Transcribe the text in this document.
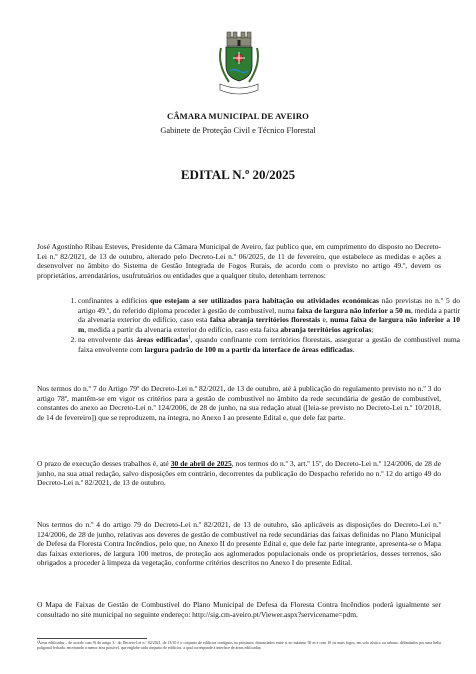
CÂMARA MUNICIPAL DE AVEIRO
Gabinete de Proteção Civil e Técnico Florestal
EDITAL N.º 20/2025

José Agostinho Ribau Esteves, Presidente da Câmara Municipal de Aveiro, faz publico que, em cumprimento do disposto no Decreto-Lei n.º 82/2021, de 13 de outubro, alterado pelo Decreto-Lei n.º 06/2025, de 11 de fevereiro, que estabelece as medidas e ações a desenvolver no âmbito do Sistema de Gestão Integrada de Fogos Rurais, de acordo com o previsto no artigo 49.º, devem os proprietários, arrendatários, usufrutuários ou entidades que a qualquer título, detenham terrenos:

1. confinantes a edifícios que estejam a ser utilizados para habitação ou atividades económicas não previstas no n.º 5 do artigo 49.º, do referido diploma proceder à gestão de combustível, numa faixa de largura não inferior a 50 m, medida a partir da alvenaria exterior do edifício, caso esta faixa abranja territórios florestais e, numa faixa de largura não inferior a 10 m, medida a partir da alvenaria exterior do edifício, caso esta faixa abranja territórios agrícolas;
2. na envolvente das áreas edificadas$^1$, quando confinante com territórios florestais, assegurar a gestão de combustível numa faixa envolvente com largura padrão de 100 m a partir da interface de áreas edificadas.

Nos termos do n.º 7 do Artigo 79º do Decreto-Lei n.º 82/2021, de 13 de outubro, até à publicação do regulamento previsto no n.º 3 do artigo 78º, mantêm-se em vigor os critérios para a gestão de combustível no âmbito da rede secundária de gestão de combustível, constantes do anexo ao Decreto-Lei n.º 124/2006, de 28 de junho, na sua redação atual ([leia-se previsto no Decreto-Lei n.º 10/2018, de 14 de fevereiro]) que se reproduzem, na íntegra, no Anexo I ao presente Edital e, que dele faz parte.

O prazo de execução desses trabalhos é, até 30 de abril de 2025, nos termos do n.º 3, art.º 15º, do Decreto-Lei n.º 124/2006, de 28 de junho, na sua atual redação, salvo disposições em contrário, decorrentes da publicação do Despacho referido no n.º 12 do artigo 49 do Decreto-Lei n.º 82/2021, de 13 de outubro.

Nos termos do n.º 4 do artigo 79 do Decreto-Lei n.º 82/2021, de 13 de outubro, são aplicáveis as disposições do Decreto-Lei n.º 124/2006, de 28 de junho, relativas aos deveres de gestão de combustível na rede secundárias das faixas definidas no Plano Municipal de Defesa da Floresta Contra Incêndios, pelo que, no Anexo II do presente Edital e, que dele faz parte integrante, apresenta-se o Mapa das faixas exteriores, de largura 100 metros, de proteção aos aglomerados populacionais onde os proprietários, desses terrenos, são obrigados a proceder à limpeza da vegetação, conforme critérios descritos no Anexo I do presente Edital.

O Mapa de Faixas de Gestão de Combustível do Plano Municipal de Defesa da Floresta Contra Incêndios poderá igualmente ser consultado no site municipal no seguinte endereço: http://sig.cm-aveiro.pt/Viewer.aspx?servicename=pdm.

¹Áreas edificadas – de acordo com 9) do artigo 3.º do Decreto-Lei n.º 82/2021, de 13/10 é o conjunto de edifícios contíguos ou próximos, distanciados entre si no máximo 50 m e com 10 ou mais fogos, em solo rústico ou urbano, delimitados por uma linha poligonal fechada, encerrando a menor área possível, que englobe cada conjunto de edifícios, a qual corresponde à interface de áreas edificadas;
